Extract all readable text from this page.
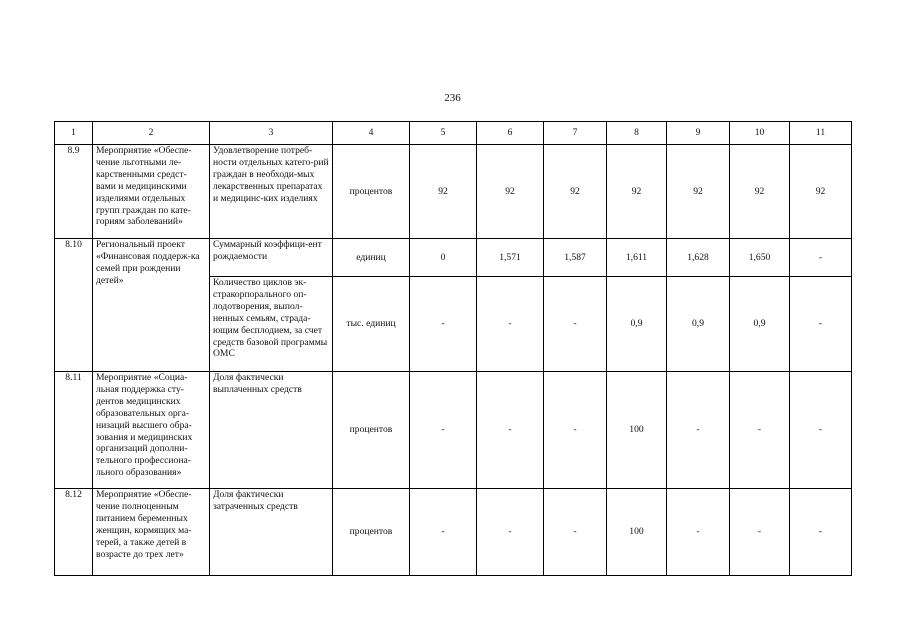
236
1	2	3	4	5	6	7	8	9	10	11
8.9	Мероприятие «Обеспе-чение льготными ле-карственными средст-вами и медицинскими изделиями отдельных групп граждан по кате-гориям заболеваний»	Удовлетворение потреб-ности отдельных катего-рий граждан в необходи-мых лекарственных препаратах и медицинс-ких изделиях	процентов	92	92	92	92	92	92	92
8.10	Региональный проект «Финансовая поддерж-ка семей при рождении детей»	Суммарный коэффици-ент рождаемости	единиц	0	1,571	1,587	1,611	1,628	1,650	-
		Количество циклов эк-стракорпорального оп-лодотворения, выпол-ненных семьям, страда-ющим бесплодием, за счет средств базовой программы ОМС	тыс. единиц	-	-	-	0,9	0,9	0,9	-
8.11	Мероприятие «Социа-льная поддержка сту-дентов медицинских образовательных орга-низаций высшего обра-зования и медицинских организаций дополни-тельного профессиона-льного образования»	Доля фактически выплаченных средств	процентов	-	-	-	100	-	-	-
8.12	Мероприятие «Обеспе-чение полноценным питанием беременных женщин, кормящих ма-терей, а также детей в возрасте до трех лет»	Доля фактически затраченных средств	процентов	-	-	-	100	-	-	-
